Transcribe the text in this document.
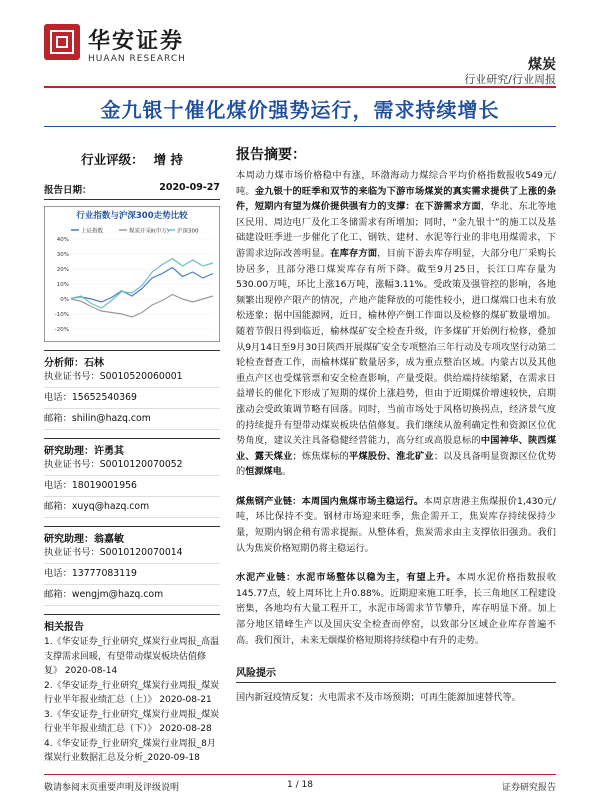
华安证券
HUAAN RESEARCH	煤炭
行业研究/行业周报
金九银十催化煤价强势运行，需求持续增长
行业评级： 增 持
报告日期：	2020-09-27
行业指数与沪深300走势比较
上证指数	煤炭开采Ⅱ(申万) 沪深300
40%
30%
20%
10%
0%
-10%
-20%
分析师：石林
执业证书号：S0010520060001
电话：15652540369
邮箱：shilin@hazq.com
研究助理：许勇其
执业证书号：S0010120070052
电话：18019001956
邮箱：xuyq@hazq.com
研究助理：翁嘉敏
执业证书号：S0010120070014
电话：13777083119
邮箱：wengjm@hazq.com
相关报告
1.《华安证券_行业研究_煤炭行业周报_高温支撑需求回暖，有望带动煤炭板块估值修复》 2020-08-14
2.《华安证券_行业研究_煤炭行业周报_煤炭行业半年报业绩汇总（上）》 2020-08-21
3.《华安证券_行业研究_煤炭行业周报_煤炭行业半年报业绩汇总（下）》 2020-08-28
4.《华安证券_行业研究_煤炭行业周报_8月煤炭行业数据汇总及分析_2020-09-18
报告摘要：
本周动力煤市场价格稳中有涨，环渤海动力煤综合平均价格指数报收549元/吨。金九银十的旺季和双节的来临为下游市场煤炭的真实需求提供了上涨的条件，短期内有望为煤价提供强有力的支撑：在下游需求方面，华北、东北等地区民用、周边电厂及化工冬储需求有所增加；同时，“金九银十”的施工以及基础建设旺季进一步催化了化工、钢铁、建材、水泥等行业的非电用煤需求，下游需求边际改善明显。在库存方面，目前下游去库存明显，大部分电厂采购长协居多，且部分港口煤炭库存有所下降。截至9月25日，长江口库存量为530.00万吨，环比上涨16万吨，涨幅3.11%。受政策及强管控的影响，各地频繁出现停产限产的情况，产地产能释放的可能性较小，进口煤端口也未有放松迹象；据中国能源网，近日，榆林停产倒工作面以及检修的煤矿数量增加。随着节假日得到临近，榆林煤矿安全检查升级，许多煤矿开始例行检修，叠加从9月14日至9月30日陕西开展煤矿安全专项整治三年行动及专项攻坚行动第二轮检查督查工作，而榆林煤矿数量居多，成为重点整治区域。内蒙古以及其他重点产区也受煤管票和安全检查影响，产量受限。供给端持续缩紧，在需求日益增长的催化下形成了短期的煤价上涨趋势，但由于近期煤价增速较快，启期涨动会受政策调节略有回落。同时，当前市场处于风格切换拐点，经济景气度的持续提升有望带动煤炭板块估值修复。我们继续从盈利确定性和资源区位优势角度，建议关注具备稳健经营能力，高分红或高股息标的中国神华、陕西煤业、露天煤业；炼焦煤标的平煤股份、淮北矿业；以及具备明显资源区位优势的恒源煤电。
煤焦钢产业链：本周国内焦煤市场主稳运行。本周京唐港主焦煤报价1,430元/吨，环比保持不变。钢材市场迎来旺季，焦企需开工，焦炭库存持续保持少量，短期内钢企稍有需求提振。从整体看，焦炭需求由主支撑依旧强劲。我们认为焦炭价格短期仍将主稳运行。
水泥产业链：水泥市场整体以稳为主，有望上升。本周水泥价格指数报收145.77点，较上周环比上升0.88%。近期迎来施工旺季，长三角地区工程建设密集，各地均有大量工程开工，水泥市场需求节节攀升，库存明显下滑。加上部分地区错峰生产以及国庆安全检查而停窑，以致部分区域企业库存普遍不高。我们预计，未来无烟煤价格短期将持续稳中有升的走势。
风险提示
国内新冠疫情反复；火电需求不及市场预期；可再生能源加速替代等。
敬请参阅末页重要声明及评级说明	1 / 18	证券研究报告
